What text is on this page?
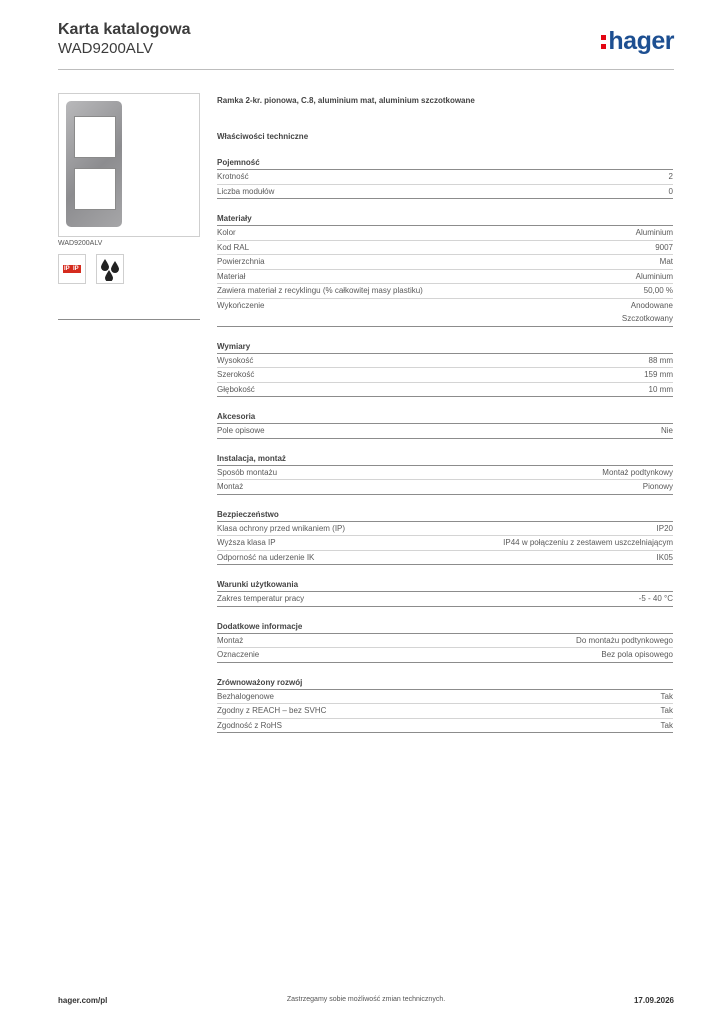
Karta katalogowa
WAD9200ALV	hager
WAD9200ALV
IP IP
Ramka 2-kr. pionowa, C.8, aluminium mat, aluminium szczotkowane
Właściwości techniczne
Pojemność
Krotność	2
Liczba modułów	0
Materiały
Kolor	Aluminium
Kod RAL	9007
Powierzchnia	Mat
Materiał	Aluminium
Zawiera materiał z recyklingu (% całkowitej masy plastiku)	50,00 %
Wykończenie	Anodowane
Szczotkowany
Wymiary
Wysokość	88 mm
Szerokość	159 mm
Głębokość	10 mm
Akcesoria
Pole opisowe	Nie
Instalacja, montaż
Sposób montażu	Montaż podtynkowy
Montaż	Pionowy
Bezpieczeństwo
Klasa ochrony przed wnikaniem (IP)	IP20
Wyższa klasa IP	IP44 w połączeniu z zestawem uszczelniającym
Odporność na uderzenie IK	IK05
Warunki użytkowania
Zakres temperatur pracy	-5 - 40 °C
Dodatkowe informacje
Montaż	Do montażu podtynkowego
Oznaczenie	Bez pola opisowego
Zrównoważony rozwój
Bezhalogenowe	Tak
Zgodny z REACH – bez SVHC	Tak
Zgodność z RoHS	Tak
hager.com/pl	Zastrzegamy sobie możliwość zmian technicznych.	17.09.2026
